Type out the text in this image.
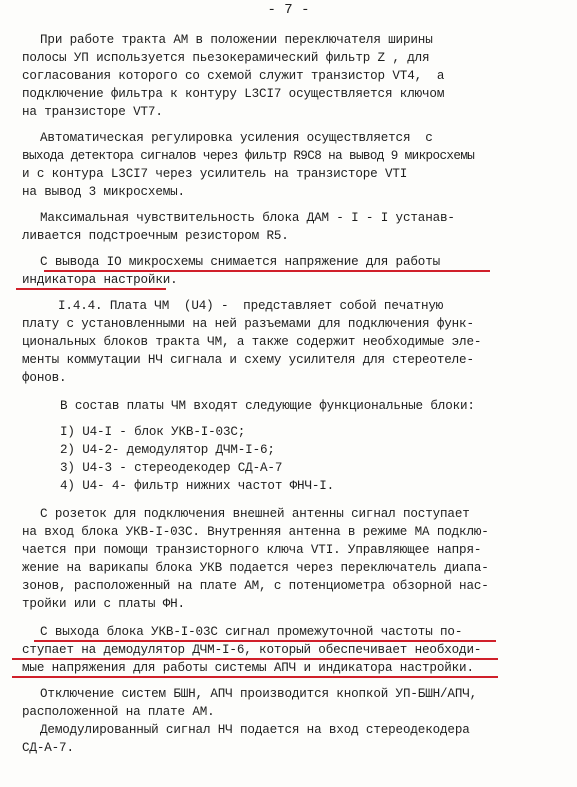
- 7 -
При работе тракта АМ в положении переключателя ширины
полосы УП используется пьезокерамический фильтр Z , для
согласования которого со схемой служит транзистор VT4,  а
подключение фильтра к контуру L3CI7 осуществляется ключом
на транзисторе VT7.
Автоматическая регулировка усиления осуществляется  с
выхода детектора сигналов через фильтр R9C8 на вывод 9 микросхемы
и с контура L3CI7 через усилитель на транзисторе VTI
на вывод 3 микросхемы.
Максимальная чувствительность блока ДАМ - I - I устанав-
ливается подстроечным резистором R5.
С вывода IO микросхемы снимается напряжение для работы
индикатора настройки.
I.4.4. Плата ЧМ  (U4) -  представляет собой печатную
плату с установленными на ней разъемами для подключения функ-
циональных блоков тракта ЧМ, а также содержит необходимые эле-
менты коммутации НЧ сигнала и схему усилителя для стереотеле-
фонов.
В состав платы ЧМ входят следующие функциональные блоки:
I) U4-I - блок УКВ-I-03С;
2) U4-2- демодулятор ДЧМ-I-6;
3) U4-3 - стереодекодер СД-А-7
4) U4- 4- фильтр нижних частот ФНЧ-I.
С розеток для подключения внешней антенны сигнал поступает
на вход блока УКВ-I-03С. Внутренняя антенна в режиме МА подклю-
чается при помощи транзисторного ключа VTI. Управляющее напря-
жение на варикапы блока УКВ подается через переключатель диапа-
зонов, расположенный на плате АМ, с потенциометра обзорной нас-
тройки или с платы ФН.
С выхода блока УКВ-I-03С сигнал промежуточной частоты по-
ступает на демодулятор ДЧМ-I-6, который обеспечивает необходи-
мые напряжения для работы системы АПЧ и индикатора настройки.
Отключение систем БШН, АПЧ производится кнопкой УП-БШН/АПЧ,
расположенной на плате АМ.
Демодулированный сигнал НЧ подается на вход стереодекодера
СД-А-7.
